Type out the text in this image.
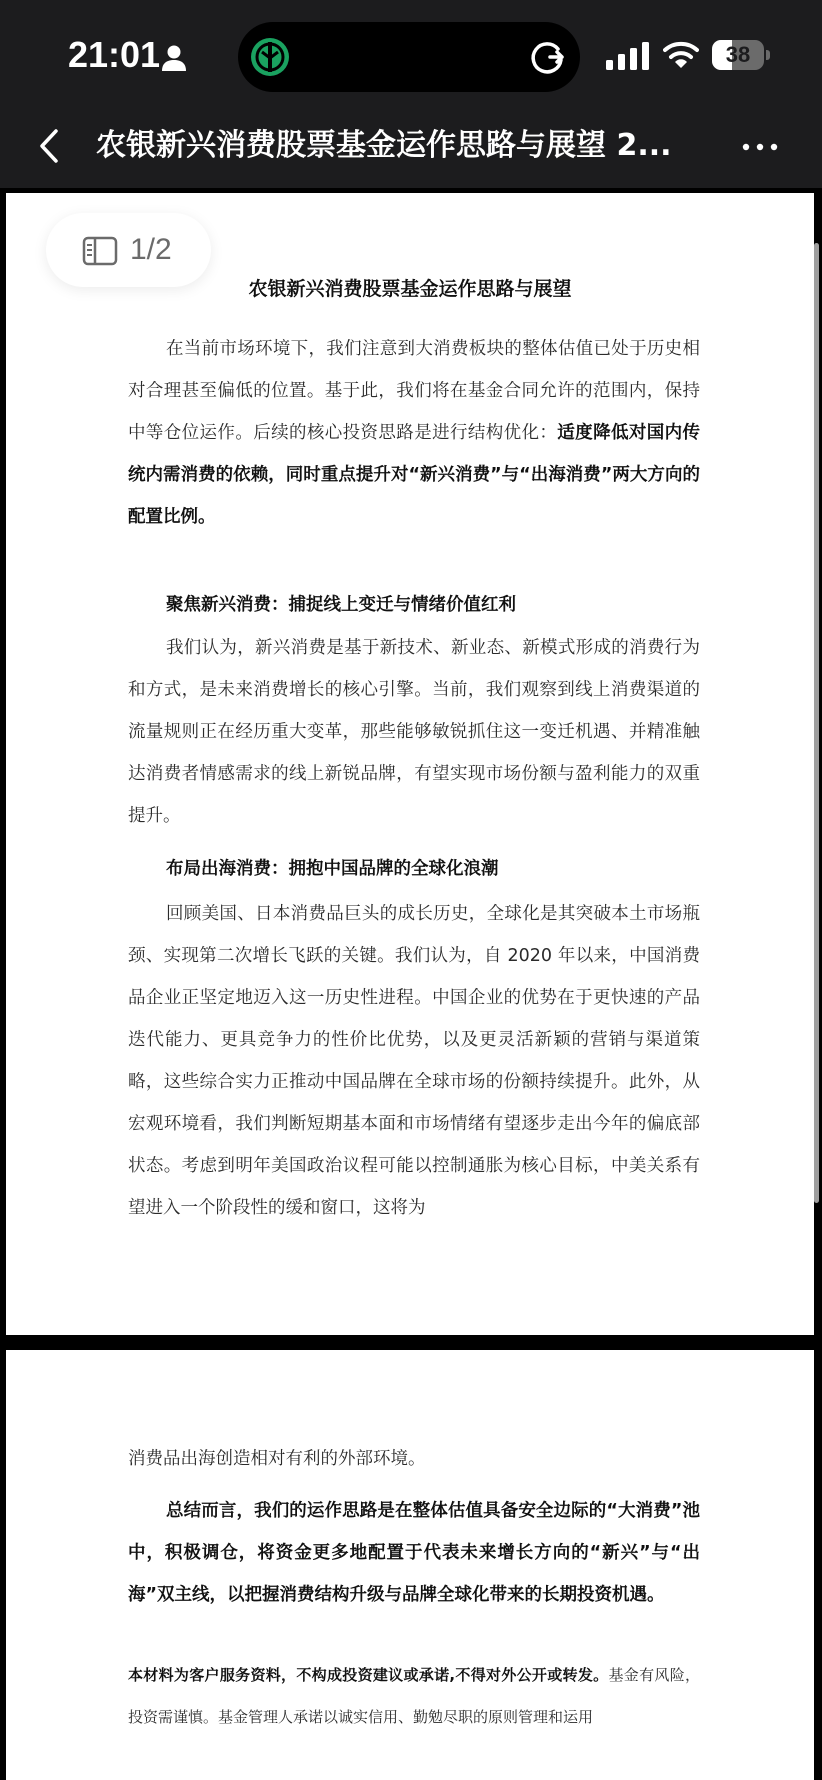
21:01	38
农银新兴消费股票基金运作思路与展望 2...
1/2
农银新兴消费股票基金运作思路与展望
在当前市场环境下，我们注意到大消费板块的整体估值已处于历史相对合理甚至偏低的位置。基于此，我们将在基金合同允许的范围内，保持中等仓位运作。后续的核心投资思路是进行结构优化：适度降低对国内传统内需消费的依赖，同时重点提升对“新兴消费”与“出海消费”两大方向的配置比例。
聚焦新兴消费：捕捉线上变迁与情绪价值红利
我们认为，新兴消费是基于新技术、新业态、新模式形成的消费行为和方式，是未来消费增长的核心引擎。当前，我们观察到线上消费渠道的流量规则正在经历重大变革，那些能够敏锐抓住这一变迁机遇、并精准触达消费者情感需求的线上新锐品牌，有望实现市场份额与盈利能力的双重提升。
布局出海消费：拥抱中国品牌的全球化浪潮
回顾美国、日本消费品巨头的成长历史，全球化是其突破本土市场瓶颈、实现第二次增长飞跃的关键。我们认为，自 2020 年以来，中国消费品企业正坚定地迈入这一历史性进程。中国企业的优势在于更快速的产品迭代能力、更具竞争力的性价比优势，以及更灵活新颖的营销与渠道策略，这些综合实力正推动中国品牌在全球市场的份额持续提升。此外，从宏观环境看，我们判断短期基本面和市场情绪有望逐步走出今年的偏底部状态。考虑到明年美国政治议程可能以控制通胀为核心目标，中美关系有望进入一个阶段性的缓和窗口，这将为
消费品出海创造相对有利的外部环境。
总结而言，我们的运作思路是在整体估值具备安全边际的“大消费”池中，积极调仓，将资金更多地配置于代表未来增长方向的“新兴”与“出海”双主线，以把握消费结构升级与品牌全球化带来的长期投资机遇。
本材料为客户服务资料，不构成投资建议或承诺,不得对外公开或转发。基金有风险，投资需谨慎。基金管理人承诺以诚实信用、勤勉尽职的原则管理和运用
